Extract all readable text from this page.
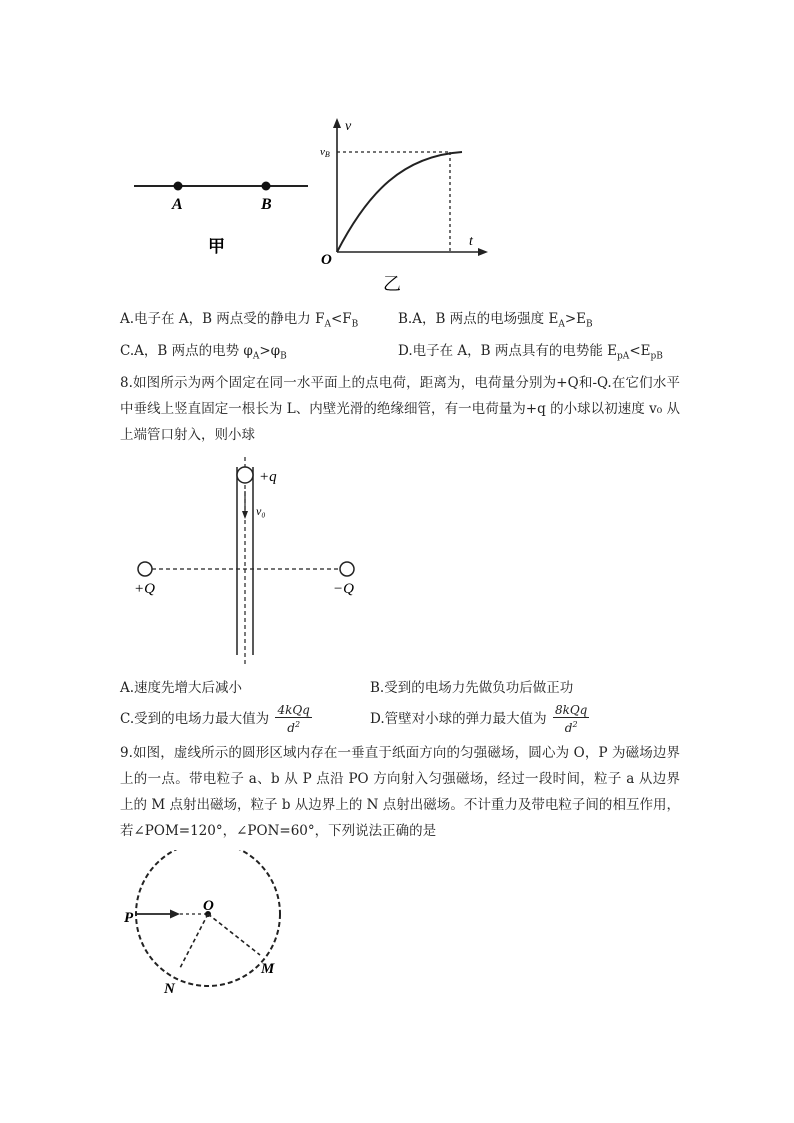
A	B
甲
v
t
O
vB
乙
A.电子在 A，B 两点受的静电力 $F_A<F_B$	B.A，B 两点的电场强度 $E_A>E_B$
C.A，B 两点的电势 $\varphi_A>\varphi_B$	D.电子在 A，B 两点具有的电势能 $E_{pA}<E_{pB}$
8.如图所示为两个固定在同一水平面上的点电荷，距离为，电荷量分别为+Q和-Q.在它们水平中垂线上竖直固定一根长为 L、内壁光滑的绝缘细管，有一电荷量为+q 的小球以初速度 v₀ 从上端管口射入，则小球
+q
v₀
+Q	−Q
A.速度先增大后减小	B.受到的电场力先做负功后做正功
C.受到的电场力最大值为 $\frac{\text{4kQq}}{d^2}$	D.管壁对小球的弹力最大值为 $\frac{\text{8kQq}}{d^2}$
9.如图，虚线所示的圆形区域内存在一垂直于纸面方向的匀强磁场，圆心为 O，P 为磁场边界上的一点。带电粒子 a、b 从 P 点沿 PO 方向射入匀强磁场，经过一段时间，粒子 a 从边界上的 M 点射出磁场，粒子 b 从边界上的 N 点射出磁场。不计重力及带电粒子间的相互作用，若∠POM=120°，∠PON=60°，下列说法正确的是
P
O
M
N
